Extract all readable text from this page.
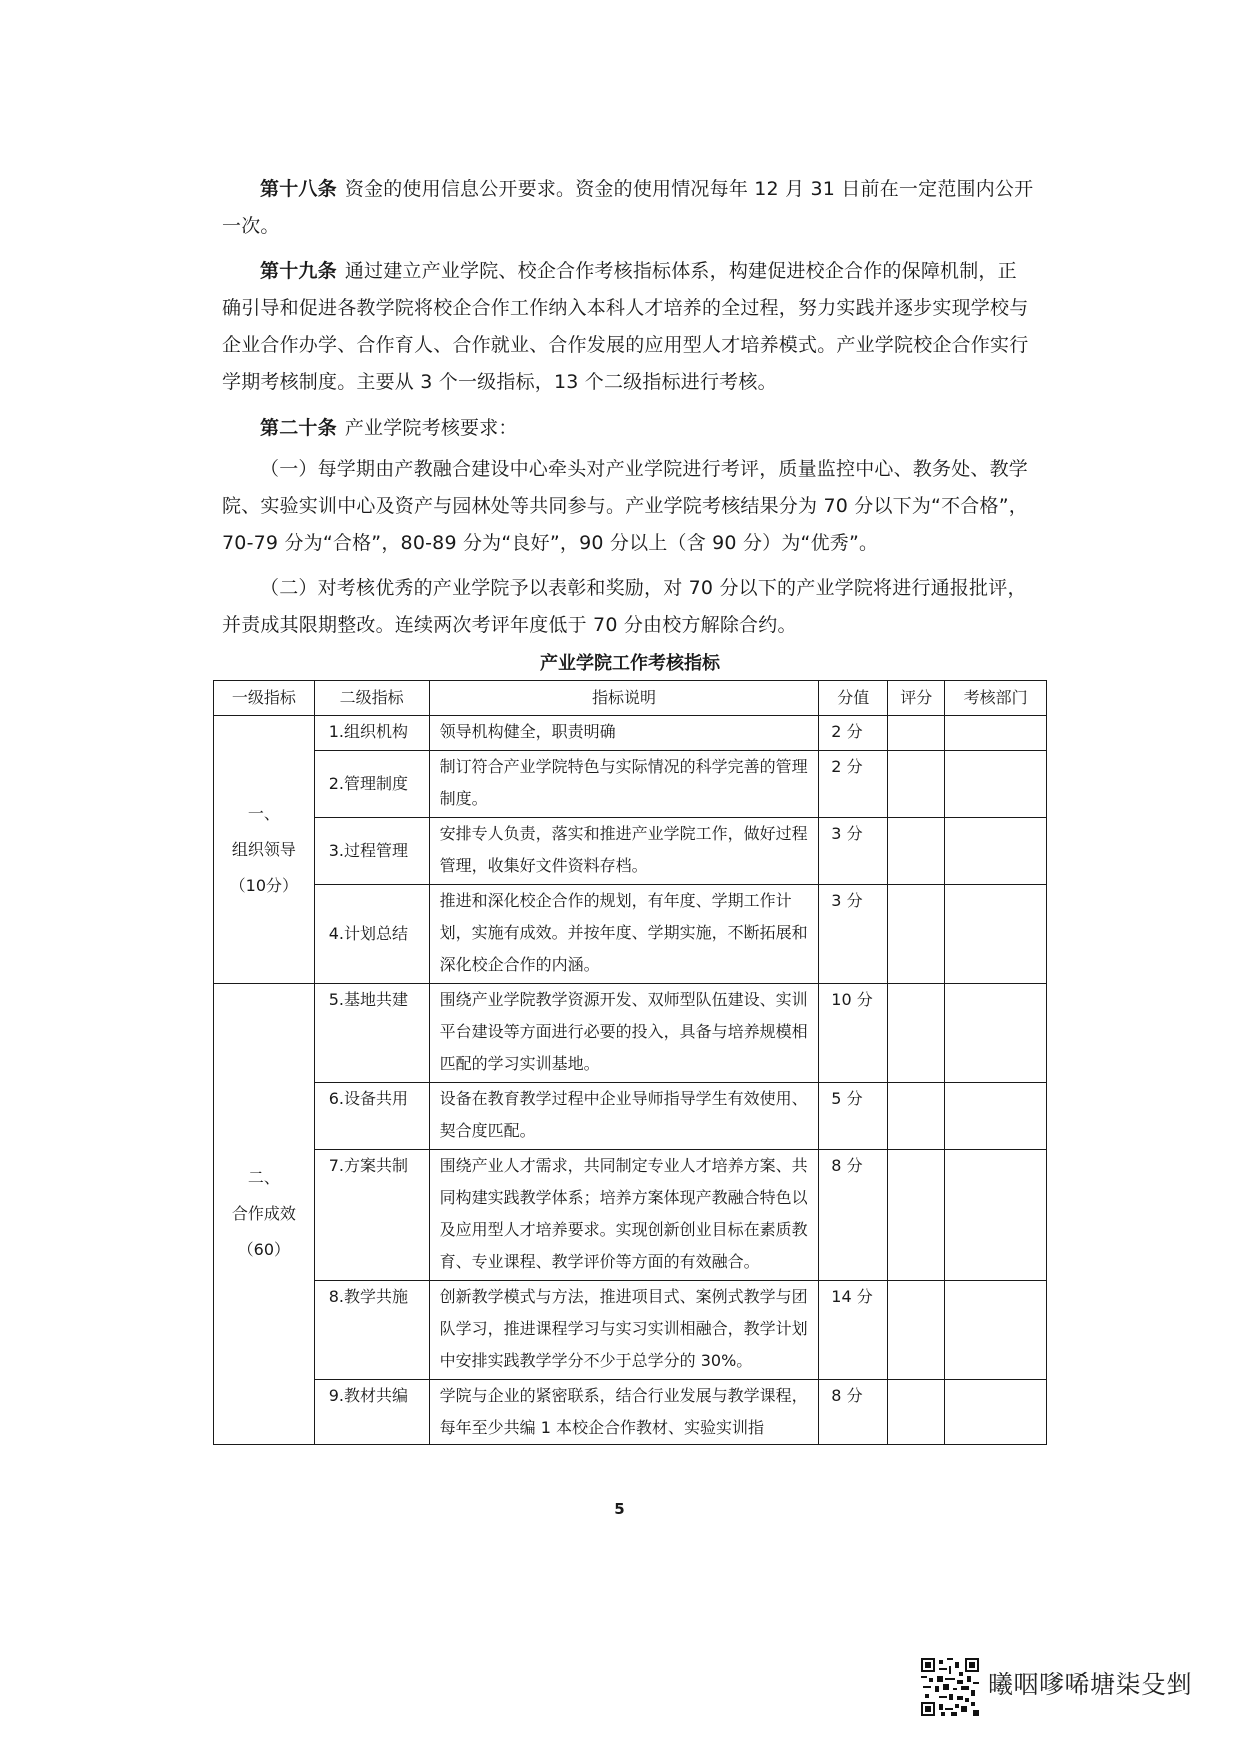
第十八条 资金的使用信息公开要求。资金的使用情况每年 12 月 31 日前在一定范围内公开一次。

第十九条 通过建立产业学院、校企合作考核指标体系，构建促进校企合作的保障机制，正确引导和促进各教学院将校企合作工作纳入本科人才培养的全过程，努力实践并逐步实现学校与企业合作办学、合作育人、合作就业、合作发展的应用型人才培养模式。产业学院校企合作实行学期考核制度。主要从 3 个一级指标，13 个二级指标进行考核。

第二十条 产业学院考核要求：

（一）每学期由产教融合建设中心牵头对产业学院进行考评，质量监控中心、教务处、教学院、实验实训中心及资产与园林处等共同参与。产业学院考核结果分为 70 分以下为“不合格”，70-79 分为“合格”，80-89 分为“良好”，90 分以上（含 90 分）为“优秀”。

（二）对考核优秀的产业学院予以表彰和奖励，对 70 分以下的产业学院将进行通报批评，并责成其限期整改。连续两次考评年度低于 70 分由校方解除合约。

产业学院工作考核指标
一级指标	二级指标	指标说明	分值	评分	考核部门

一、
组织领导
（10分）	1.组织机构	领导机构健全，职责明确	2 分		
	2.管理制度	制订符合产业学院特色与实际情况的科学完善的管理制度。	2 分		
	3.过程管理	安排专人负责，落实和推进产业学院工作，做好过程管理，收集好文件资料存档。	3 分		
	4.计划总结	推进和深化校企合作的规划，有年度、学期工作计划，实施有成效。并按年度、学期实施，不断拓展和深化校企合作的内涵。	3 分		

二、
合作成效
（60）	5.基地共建	围绕产业学院教学资源开发、双师型队伍建设、实训平台建设等方面进行必要的投入，具备与培养规模相匹配的学习实训基地。	10 分		
	6.设备共用	设备在教育教学过程中企业导师指导学生有效使用、契合度匹配。	5 分		
	7.方案共制	围绕产业人才需求，共同制定专业人才培养方案、共同构建实践教学体系；培养方案体现产教融合特色以及应用型人才培养要求。实现创新创业目标在素质教育、专业课程、教学评价等方面的有效融合。	8 分		
	8.教学共施	创新教学模式与方法，推进项目式、案例式教学与团队学习，推进课程学习与实习实训相融合，教学计划中安排实践教学学分不少于总学分的 30%。	14 分		
	9.教材共编	学院与企业的紧密联系，结合行业发展与教学课程，每年至少共编 1 本校企合作教材、实验实训指	8 分		
5
曦咽嗲唏塘柒殳剉
